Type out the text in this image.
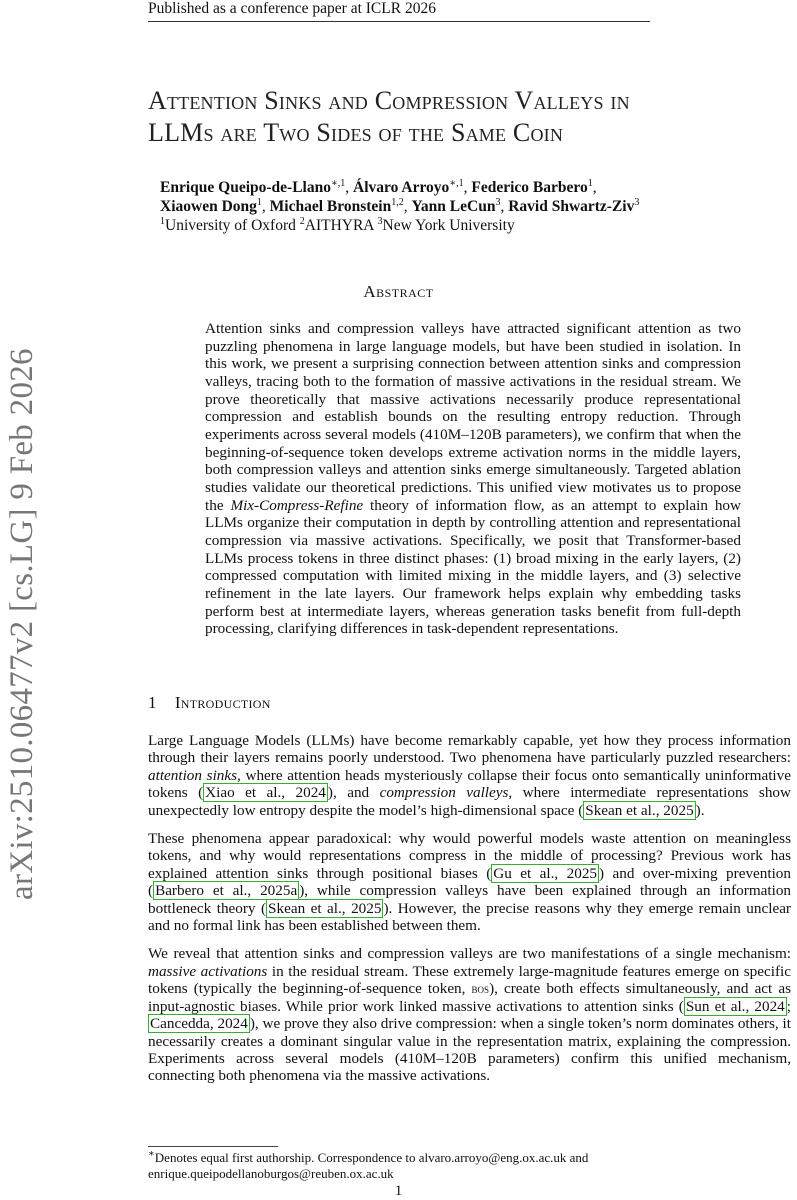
Published as a conference paper at ICLR 2026
arXiv:2510.06477v2 [cs.LG] 9 Feb 2026
Attention Sinks and Compression Valleys in
LLMs are Two Sides of the Same Coin
Enrique Queipo-de-Llano$^{∗,1}$, Álvaro Arroyo$^{∗,1}$, Federico Barbero$^1$,
Xiaowen Dong$^1$, Michael Bronstein$^{1,2}$, Yann LeCun$^3$, Ravid Shwartz-Ziv$^3$
$^1$University of Oxford $^2$AITHYRA $^3$New York University
Abstract
Attention sinks and compression valleys have attracted significant attention as two puzzling phenomena in large language models, but have been studied in isolation. In this work, we present a surprising connection between attention sinks and compression valleys, tracing both to the formation of massive activations in the residual stream. We prove theoretically that massive activations necessarily produce representational compression and establish bounds on the resulting entropy reduction. Through experiments across several models (410M–120B parameters), we confirm that when the beginning-of-sequence token develops extreme activation norms in the middle layers, both compression valleys and attention sinks emerge simultaneously. Targeted ablation studies validate our theoretical predictions. This unified view motivates us to propose the Mix-Compress-Refine theory of information flow, as an attempt to explain how LLMs organize their computation in depth by controlling attention and representational compression via massive activations. Specifically, we posit that Transformer-based LLMs process tokens in three distinct phases: (1) broad mixing in the early layers, (2) compressed computation with limited mixing in the middle layers, and (3) selective refinement in the late layers. Our framework helps explain why embedding tasks perform best at intermediate layers, whereas generation tasks benefit from full-depth processing, clarifying differences in task-dependent representations.
1 Introduction

Large Language Models (LLMs) have become remarkably capable, yet how they process information through their layers remains poorly understood. Two phenomena have particularly puzzled researchers: attention sinks, where attention heads mysteriously collapse their focus onto semantically uninformative tokens ( Xiao et al., 2024 ), and compression valleys, where intermediate representations show unexpectedly low entropy despite the model’s high-dimensional space ( Skean et al., 2025 ).

These phenomena appear paradoxical: why would powerful models waste attention on meaningless tokens, and why would representations compress in the middle of processing? Previous work has explained attention sinks through positional biases ( Gu et al., 2025 ) and over-mixing prevention ( Barbero et al., 2025a ), while compression valleys have been explained through an information bottleneck theory ( Skean et al., 2025 ). However, the precise reasons why they emerge remain unclear and no formal link has been established between them.

We reveal that attention sinks and compression valleys are two manifestations of a single mechanism: massive activations in the residual stream. These extremely large-magnitude features emerge on specific tokens (typically the beginning-of-sequence token, bos), create both effects simultaneously, and act as input-agnostic biases. While prior work linked massive activations to attention sinks ( Sun et al., 2024 ; Cancedda, 2024 ), we prove they also drive compression: when a single token’s norm dominates others, it necessarily creates a dominant singular value in the representation matrix, explaining the compression. Experiments across several models (410M–120B parameters) confirm this unified mechanism, connecting both phenomena via the massive activations.

∗Denotes equal first authorship. Correspondence to alvaro.arroyo@eng.ox.ac.uk and enrique.queipodellanoburgos@reuben.ox.ac.uk
1
